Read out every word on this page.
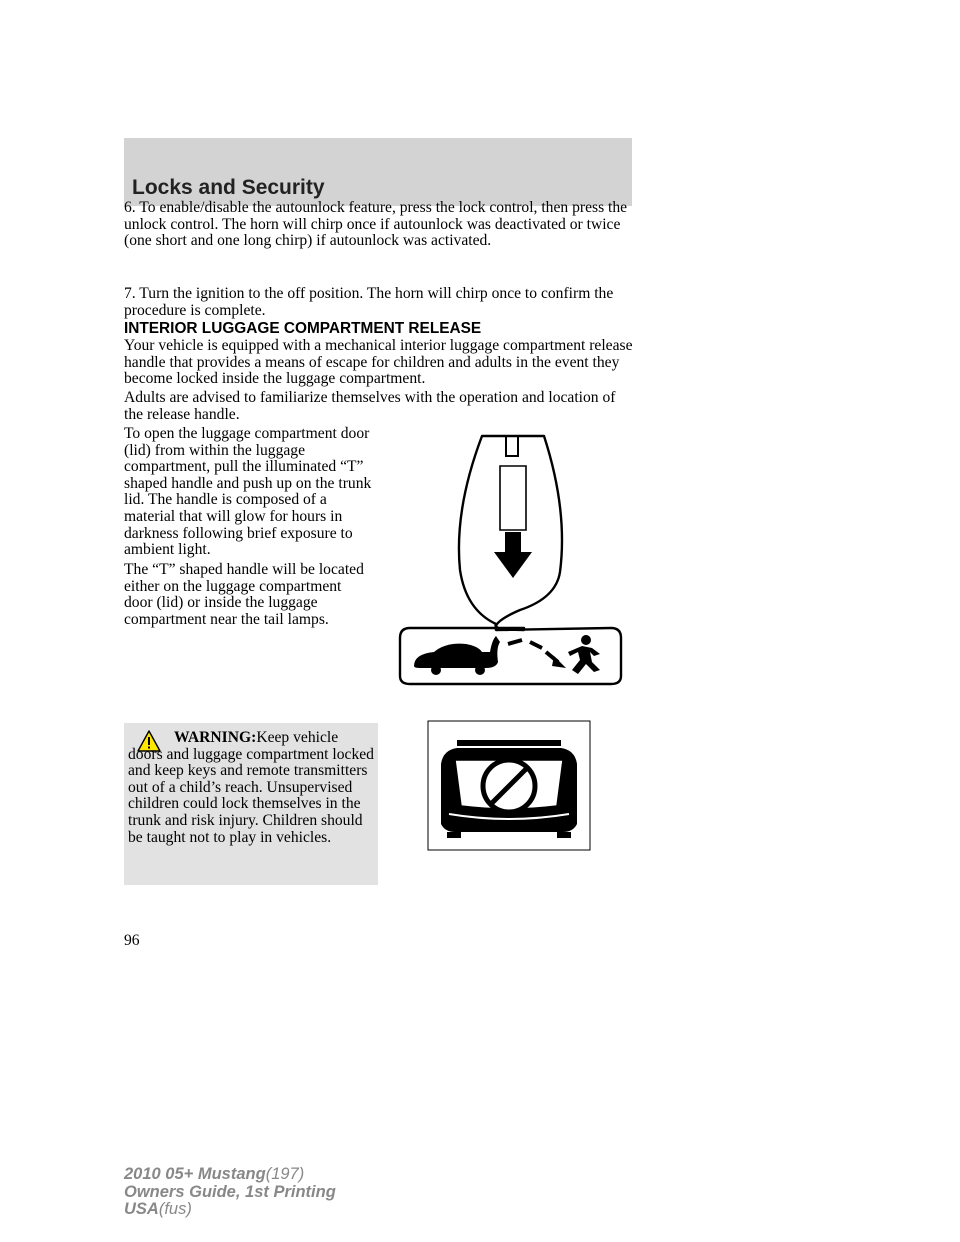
Locks and Security

6. To enable/disable the autounlock feature, press the lock control, then press the unlock control. The horn will chirp once if autounlock was deactivated or twice (one short and one long chirp) if autounlock was activated.

7. Turn the ignition to the off position. The horn will chirp once to confirm the procedure is complete.

INTERIOR LUGGAGE COMPARTMENT RELEASE

Your vehicle is equipped with a mechanical interior luggage compartment release handle that provides a means of escape for children and adults in the event they become locked inside the luggage compartment.

Adults are advised to familiarize themselves with the operation and location of the release handle.

To open the luggage compartment door (lid) from within the luggage compartment, pull the illuminated “T” shaped handle and push up on the trunk lid. The handle is composed of a material that will glow for hours in darkness following brief exposure to ambient light.

The “T” shaped handle will be located either on the luggage compartment door (lid) or inside the luggage compartment near the tail lamps.

WARNING:Keep vehicle doors and luggage compartment locked and keep keys and remote transmitters out of a child’s reach. Unsupervised children could lock themselves in the trunk and risk injury. Children should be taught not to play in vehicles.

96

2010 05+ Mustang(197)
Owners Guide, 1st Printing
USA(fus)
